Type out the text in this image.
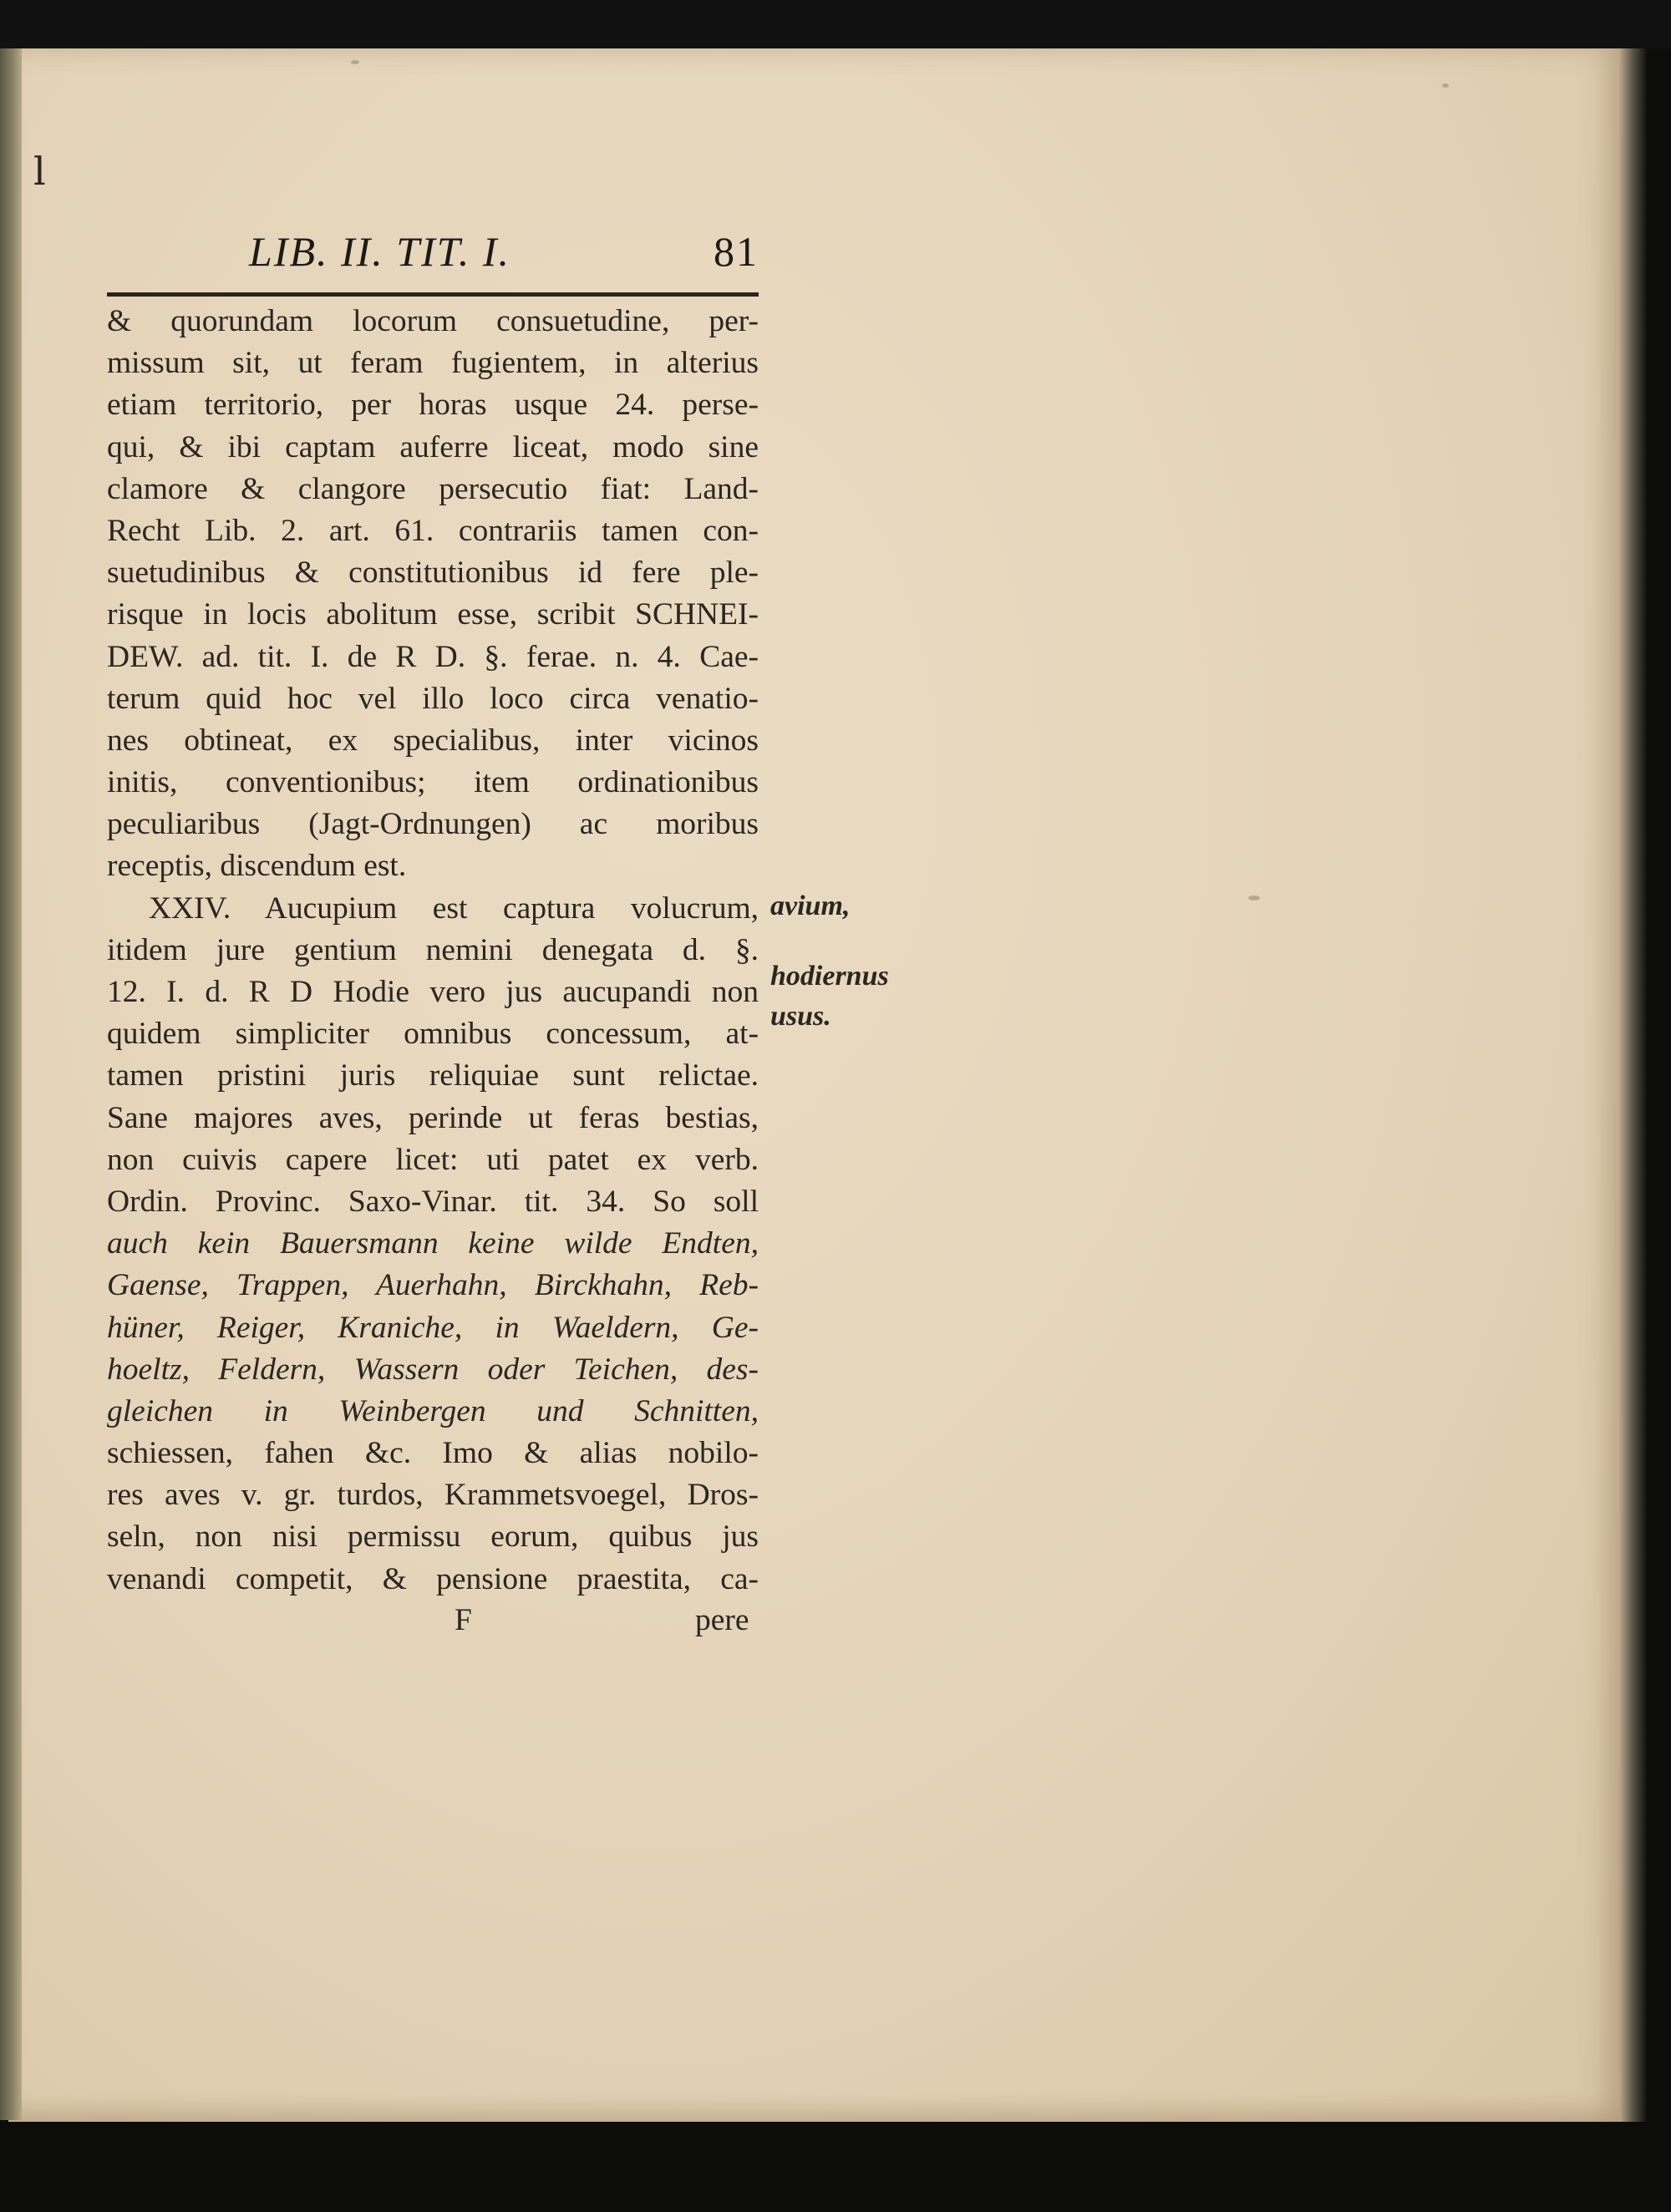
l
LIB. II. TIT. I.	81
& quorundam locorum consuetudine, per-
missum sit, ut feram fugientem, in alterius
etiam territorio, per horas usque 24. perse-
qui, & ibi captam auferre liceat, modo sine
clamore & clangore persecutio fiat: Land-
Recht Lib. 2. art. 61. contrariis tamen con-
suetudinibus & constitutionibus id fere ple-
risque in locis abolitum esse, scribit SCHNEI-
DEW. ad. tit. I. de R D. §. ferae. n. 4. Cae-
terum quid hoc vel illo loco circa venatio-
nes obtineat, ex specialibus, inter vicinos
initis, conventionibus; item ordinationibus
peculiaribus (Jagt-Ordnungen) ac moribus
receptis, discendum est.
XXIV. Aucupium est captura volucrum,
itidem jure gentium nemini denegata d. §.
12. I. d. R D Hodie vero jus aucupandi non
quidem simpliciter omnibus concessum, at-
tamen pristini juris reliquiae sunt relictae.
Sane majores aves, perinde ut feras bestias,
non cuivis capere licet: uti patet ex verb.
Ordin. Provinc. Saxo-Vinar. tit. 34. So soll
auch kein Bauersmann keine wilde Endten,
Gaense, Trappen, Auerhahn, Birckhahn, Reb-
hüner, Reiger, Kraniche, in Waeldern, Ge-
hoeltz, Feldern, Wassern oder Teichen, des-
gleichen in Weinbergen und Schnitten,
schiessen, fahen &c. Imo & alias nobilo-
res aves v. gr. turdos, Krammetsvoegel, Dros-
seln, non nisi permissu eorum, quibus jus
venandi competit, & pensione praestita, ca-
avium,
hodiernus
usus.
F	pere
